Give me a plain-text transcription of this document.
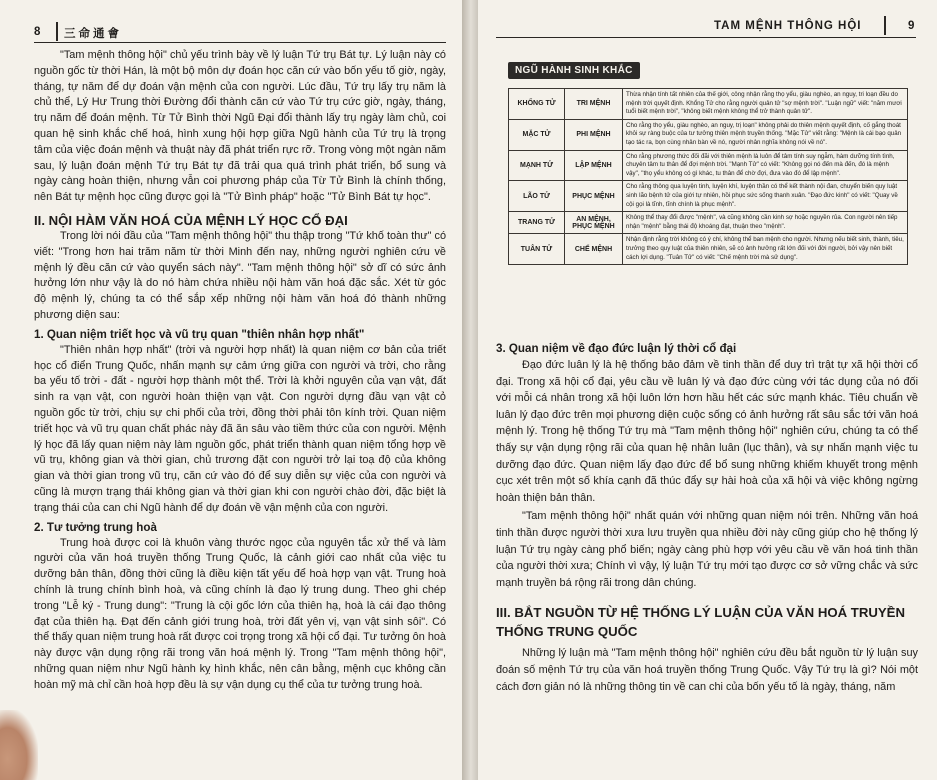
8 三命通會

"Tam mệnh thông hội" chủ yếu trình bày về lý luận Tứ trụ Bát tự. Lý luận này có nguồn gốc từ thời Hán, là một bộ môn dự đoán học căn cứ vào bốn yếu tố giờ, ngày, tháng, tự năm để dự đoán vận mệnh của con người. Lúc đầu, Tứ trụ lấy trụ năm là chủ thể, Lý Hư Trung thời Đường đổi thành căn cứ vào Tứ trụ cức giờ, ngày, tháng, trụ năm để đoán mệnh. Từ Tử Bình thời Ngũ Đại đổi thành lấy trụ ngày làm chủ, coi quan hệ sinh khắc chế hoá, hình xung hội hợp giữa Ngũ hành của Tứ trụ là trọng tâm của việc đoán mệnh và thuật này đã phát triển rực rỡ. Trong vòng một ngàn năm sau, lý luận đoán mệnh Tứ trụ Bát tự đã trải qua quá trình phát triển, bổ sung và ngày càng hoàn thiện, nhưng vẫn coi phương pháp của Từ Tử Bình là chính thống, nên Bát tự mệnh học cũng được gọi là "Tử Bình pháp" hoặc "Tử Bình Bát tự học".

II. NỘI HÀM VĂN HOÁ CỦA MỆNH LÝ HỌC CỔ ĐẠI

Trong lời nói đầu của "Tam mệnh thông hội" thu thập trong "Tứ khố toàn thư" có viết: "Trong hơn hai trăm năm từ thời Minh đến nay, những người nghiên cứu về mệnh lý đều căn cứ vào quyển sách này". "Tam mệnh thông hội" sở dĩ có sức ảnh hưởng lớn như vậy là do nó hàm chứa nhiều nội hàm văn hoá đặc sắc. Xét từ góc độ mệnh lý, chúng ta có thể sắp xếp những nội hàm văn hoá đó thành những phương diện sau:

1. Quan niệm triết học và vũ trụ quan "thiên nhân hợp nhất"

"Thiên nhân hợp nhất" (trời và người hợp nhất) là quan niệm cơ bản của triết học cổ điển Trung Quốc, nhấn mạnh sự cảm ứng giữa con người và trời, cho rằng ba yếu tố trời - đất - người hợp thành một thể. Trời là khởi nguyên của vạn vật, đất sinh ra vạn vật, con người hoàn thiện vạn vật. Con người dựng đầu vạn vật cỏ nguồn gốc từ trời, chịu sự chi phối của trời, đồng thời phải tôn kính trời. Quan niệm triết học và vũ trụ quan chất phác này đã ăn sâu vào tiềm thức của con người. Mệnh lý học đã lấy quan niệm này làm nguồn gốc, phát triển thành quan niệm tổng hợp về vũ trụ, không gian và thời gian, chủ trương đặt con người trở lại toạ độ của không gian và thời gian trong vũ trụ, căn cứ vào đó để suy diễn sự việc của con người và cũng là mượn trạng thái không gian và thời gian khi con người chào đời, đặc biệt là trạng thái của can chi Ngũ hành để dự đoán về vận mệnh của con người.

2. Tư tưởng trung hoà

Trung hoà được coi là khuôn vàng thước ngọc của nguyên tắc xử thế và làm người của văn hoá truyền thống Trung Quốc, là cảnh giới cao nhất của việc tu dưỡng bản thân, đồng thời cũng là điều kiện tất yếu để hoà hợp vạn vật. Trung hoà chính là trung chính bình hoà, và cũng chính là đạo lý trung dung. Theo ghi chép trong "Lễ ký - Trung dung": "Trung là cội gốc lớn của thiên hạ, hoà là cái đạo thông đạt của thiên hạ. Đạt đến cảnh giới trung hoà, trời đất yên vị, vạn vật sinh sôi". Có thể thấy quan niệm trung hoà rất được coi trọng trong xã hội cổ đại. Tư tưởng ôn hoà này được vận dụng rộng rãi trong văn hoá mệnh lý. Trong "Tam mệnh thông hội", những quan niệm như Ngũ hành kỵ hình khắc, nên cân bằng, mệnh cục không cần hoàn mỹ mà chỉ cần hoà hợp đều là sự vận dụng cụ thể của tư tưởng trung hoà.

TAM MỆNH THÔNG HỘI	9
NGŨ HÀNH SINH KHẮC
KHỐNG TỬ	TRI MỆNH	Thừa nhận tính tất nhiên của thế giới, công nhận rằng thọ yểu, giàu nghèo, an nguy, tri loạn đều do mệnh trời quyết định. Khổng Tử cho rằng người quân tử "sợ mệnh trời". "Luận ngữ" viết: "năm mươi tuổi biết mệnh trời", "không biết mệnh không thể trở thành quân tử".
MẶC TỬ	PHI MỆNH	Cho rằng thọ yểu, giàu nghèo, an nguy, trị loạn" không phải do thiên mệnh quyết định, cố gắng thoát khỏi sự ràng buộc của tư tưởng thiên mệnh truyền thống. "Mặc Tử" viết rằng: "Mệnh là cái bạo quân tạo tác ra, bọn cùng nhân bàn về nó, người nhân nghĩa không nói về nó".
MẠNH TỬ	LẬP MỆNH	Cho rằng phương thức đối đãi với thiên mệnh là luôn để tâm tính suy ngẫm, hàm dưỡng tính tình, chuyên tâm tu thân để đợi mệnh trời. "Mạnh Tử" có viết: "Không gọi nó đến mà đến, đó là mệnh vậy", "thọ yểu không có gì khác, tu thân để chờ đợi, đưa vào đó để lập mệnh".
LÃO TỬ	PHỤC MỆNH	Cho rằng thông qua luyện tinh, luyện khí, luyện thần có thể kết thành nội đan, chuyển biến quy luật sinh lão bệnh tử của giới tự nhiên, hồi phục sức sống thanh xuân. "Đạo đức kinh" có viết: "Quay về cội gọi là tĩnh, tĩnh chính là phục mệnh".
TRANG TỬ	AN MỆNH, PHỤC MỆNH	Không thể thay đổi được "mệnh", và cũng không cần kinh sợ hoặc nguyền rủa. Con người nên tiếp nhận "mệnh" bằng thái độ khoáng đạt, thuận theo "mệnh".
TUÂN TỬ	CHẾ MỆNH	Nhận định rằng trời không có ý chí, không thể ban mệnh cho người. Nhưng nếu biết sinh, thành, tiêu, trưởng theo quy luật của thiên nhiên, sẽ có ảnh hưởng rất lớn đối với đời người, bởi vậy nên biết cách lợi dụng. "Tuân Tử" có viết: "Chế mệnh trời mà sử dụng".

3. Quan niệm về đạo đức luận lý thời cổ đại

Đạo đức luân lý là hệ thống bảo đảm về tinh thần để duy trì trật tự xã hội thời cổ đại. Trong xã hội cổ đại, yêu cầu về luân lý và đạo đức cùng với tác dụng của nó đối với mỗi cá nhân trong xã hội luôn lớn hơn hầu hết các sức mạnh khác. Tiêu chuẩn về luân lý đạo đức trên mọi phương diện cuộc sống có ảnh hưởng rất sâu sắc tới văn hoá mệnh lý. Trong hệ thống Tứ trụ mà "Tam mệnh thông hội" nghiên cứu, chúng ta có thể thấy sự vận dụng rộng rãi của quan hệ nhân luân (lục thân), và sự nhấn mạnh việc tu dưỡng đạo đức. Quan niệm lấy đạo đức để bổ sung những khiếm khuyết trong mệnh cục xét trên một số khía cạnh đã thúc đẩy sự hài hoà của xã hội và việc không ngừng hoàn thiện bản thân.

"Tam mệnh thông hội" nhất quán với những quan niệm nói trên. Những văn hoá tinh thần được người thời xưa lưu truyền qua nhiều đời này cũng giúp cho hệ thống lý luận Tứ trụ ngày càng phổ biến; ngày càng phù hợp với yêu cầu về văn hoá tinh thần của người thời xưa; Chính vì vậy, lý luận Tứ trụ mới tạo được cơ sở vững chắc và sức mạnh truyền bá rộng rãi trong dân chúng.

III. BẮT NGUỒN TỪ HỆ THỐNG LÝ LUẬN CỦA VĂN HOÁ TRUYỀN THỐNG TRUNG QUỐC

Những lý luận mà "Tam mệnh thông hội" nghiên cứu đều bắt nguồn từ lý luận suy đoán số mệnh Tứ trụ của văn hoá truyền thống Trung Quốc. Vậy Tứ trụ là gì? Nói một cách đơn giản nó là những thông tin về can chi của bốn yếu tố là ngày, tháng, năm
